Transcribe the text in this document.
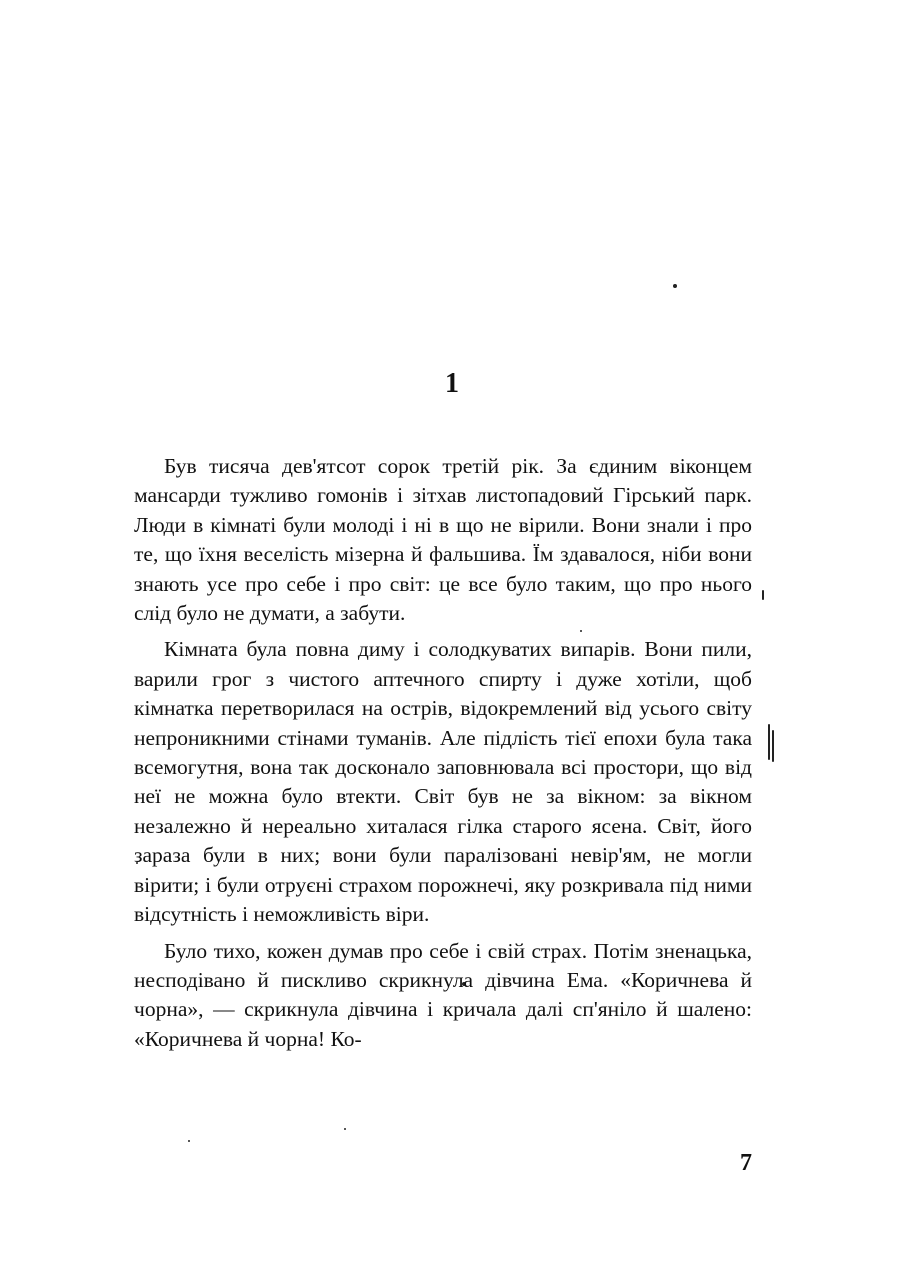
1

Був тисяча дев'ятсот сорок третій рік. За єдиним віконцем мансарди тужливо гомонів і зітхав листопадовий Гірський парк. Люди в кімнаті були молоді і ні в що не вірили. Вони знали і про те, що їхня веселість мізерна й фальшива. Їм здавалося, ніби вони знають усе про себе і про світ: це все було таким, що про нього слід було не думати, а забути.

Кімната була повна диму і солодкуватих випарів. Вони пили, варили грог з чистого аптечного спирту і дуже хотіли, щоб кімнатка перетворилася на острів, відокремлений від усього світу непроникними стінами туманів. Але підлість тієї епохи була така всемогутня, вона так досконало заповнювала всі простори, що від неї не можна було втекти. Світ був не за вікном: за вікном незалежно й нереально хиталася гілка старого ясена. Світ, його зараза були в них; вони були паралізовані невір'ям, не могли вірити; і були отруєні страхом порожнечі, яку розкривала під ними відсутність і неможливість віри.

Було тихо, кожен думав про себе і свій страх. Потім зненацька, несподівано й пискливо скрикнула дівчина Ема. «Коричнева й чорна», — скрикнула дівчина і кричала далі сп'яніло й шалено: «Коричнева й чорна! Ко-

7
